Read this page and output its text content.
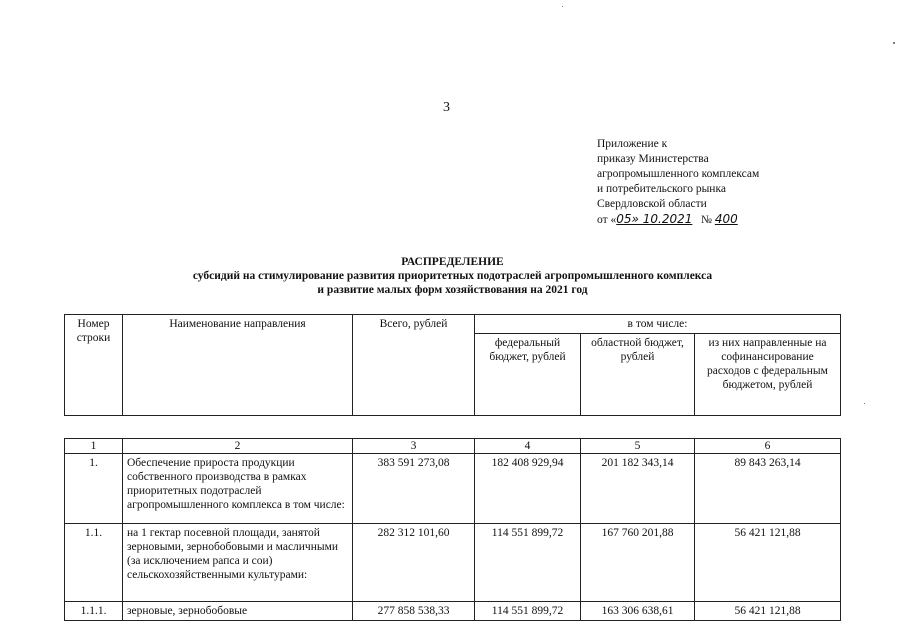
3
Приложение к
приказу Министерства
агропромышленного комплексам
и потребительского рынка
Свердловской области
от «05» 10.2021 № 400
РАСПРЕДЕЛЕНИЕ
субсидий на стимулирование развития приоритетных подотраслей агропромышленного комплекса
и развитие малых форм хозяйствования на 2021 год
Номер строки	Наименование направления	Всего, рублей	в том числе:		
			федеральный бюджет, рублей	областной бюджет, рублей	из них направленные на софинансирование расходов с федеральным бюджетом, рублей
1	2	3	4	5	6
1.	Обеспечение прироста продукции собственного производства в рамках приоритетных подотраслей агропромышленного комплекса в том числе:	383 591 273,08	182 408 929,94	201 182 343,14	89 843 263,14
1.1.	на 1 гектар посевной площади, занятой зерновыми, зернобобовыми и масличными (за исключением рапса и сои) сельскохозяйственными культурами:	282 312 101,60	114 551 899,72	167 760 201,88	56 421 121,88
1.1.1.	зерновые, зернобобовые	277 858 538,33	114 551 899,72	163 306 638,61	56 421 121,88
